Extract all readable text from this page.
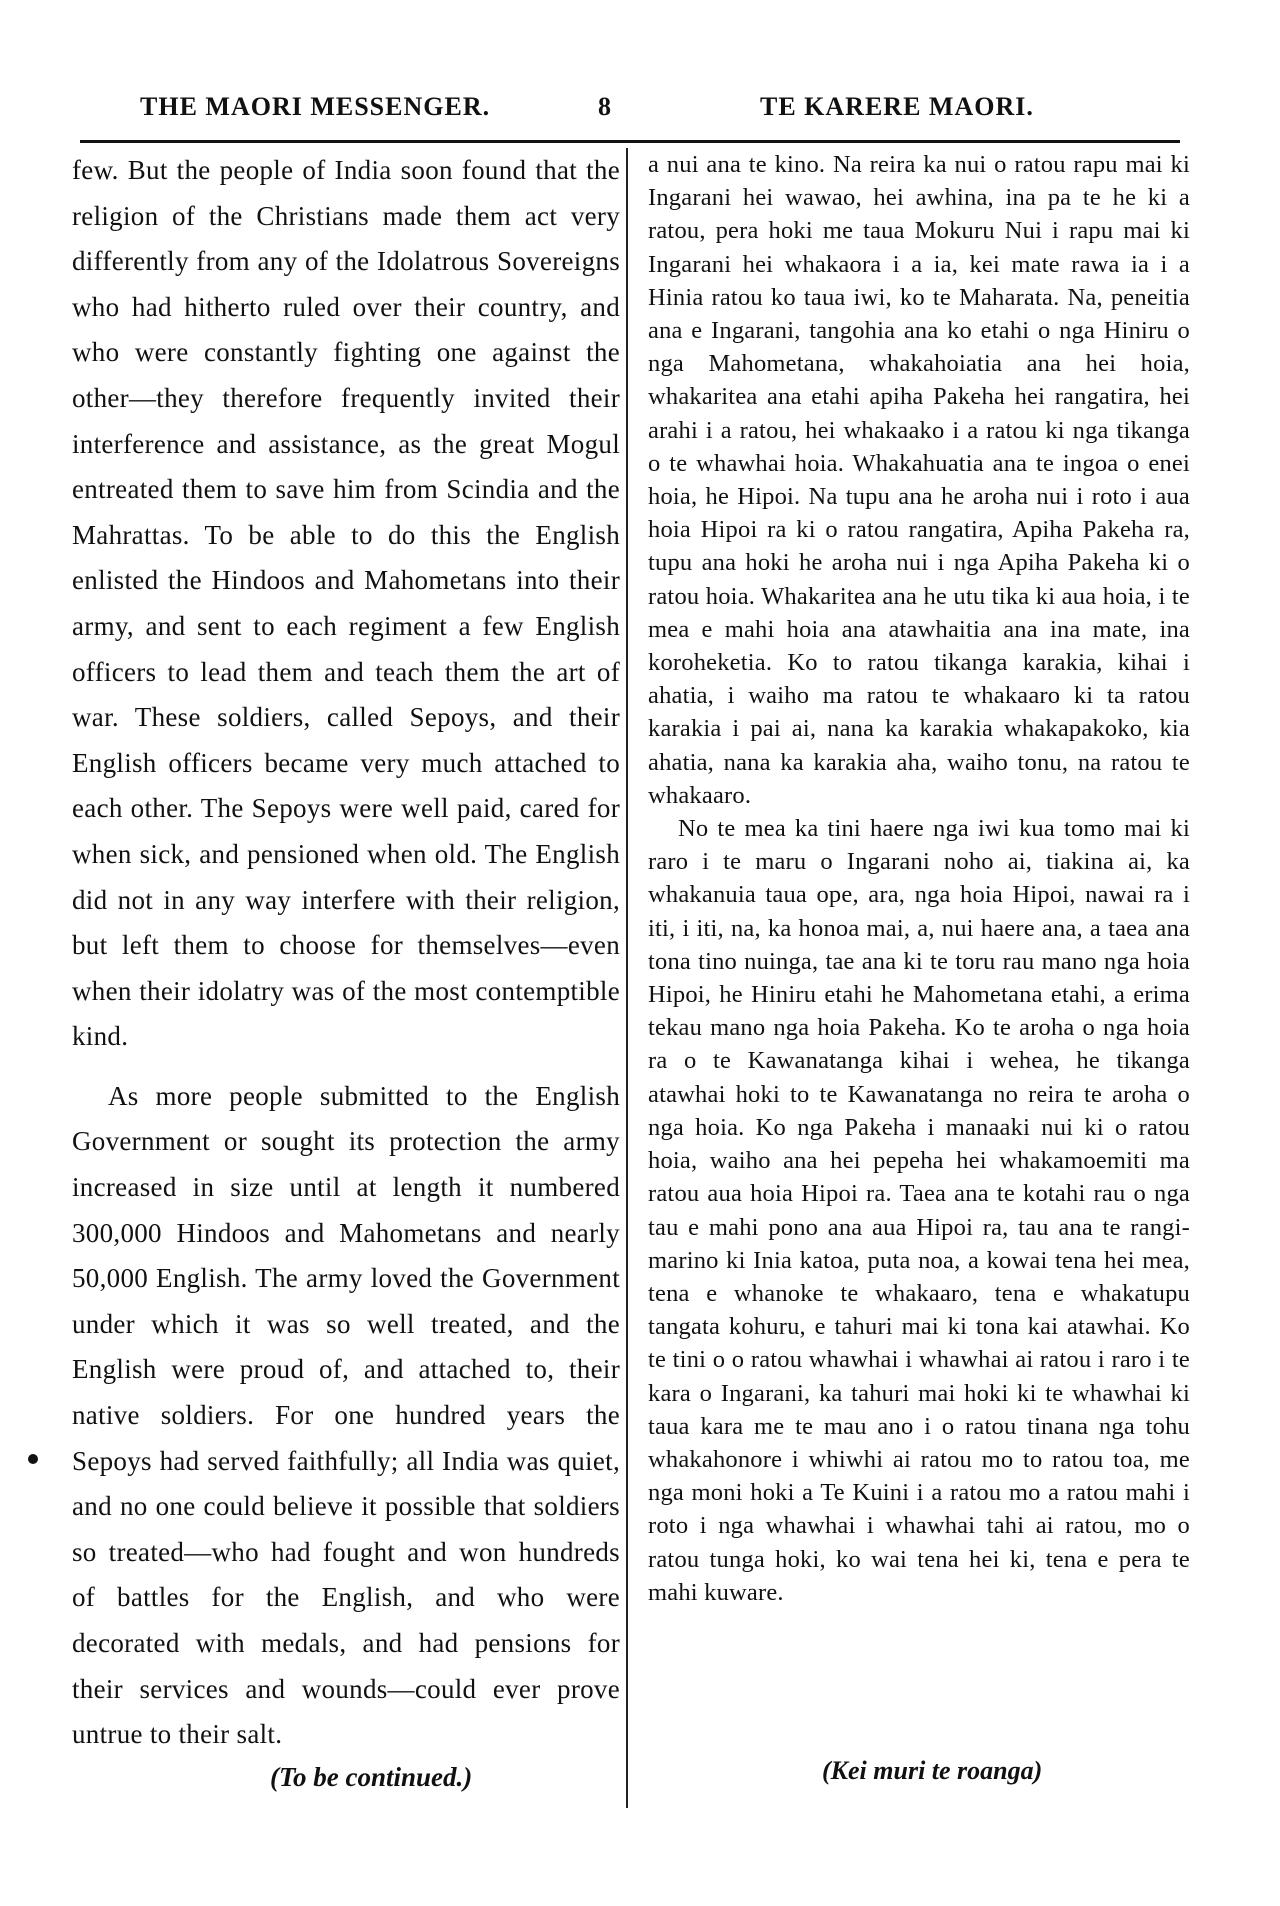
THE MAORI MESSENGER.	8	TE KARERE MAORI.

few. But the people of India soon found that the religion of the Christians made them act very differently from any of the Idolatrous Sovereigns who had hitherto ruled over their country, and who were constantly fighting one against the other—they therefore frequently invited their interference and assistance, as the great Mogul entreated them to save him from Scindia and the Mahrattas. To be able to do this the English enlisted the Hindoos and Mahometans into their army, and sent to each regiment a few English officers to lead them and teach them the art of war. These soldiers, called Sepoys, and their English officers became very much attached to each other. The Sepoys were well paid, cared for when sick, and pensioned when old. The English did not in any way interfere with their religion, but left them to choose for themselves—even when their idolatry was of the most contemptible kind.

As more people submitted to the English Government or sought its protection the army increased in size until at length it numbered 300,000 Hindoos and Mahometans and nearly 50,000 English. The army loved the Government under which it was so well treated, and the English were proud of, and attached to, their native soldiers. For one hundred years the Sepoys had served faithfully; all India was quiet, and no one could believe it possible that soldiers so treated—who had fought and won hundreds of battles for the English, and who were decorated with medals, and had pensions for their services and wounds—could ever prove untrue to their salt.

(To be continued.)

a nui ana te kino. Na reira ka nui o ratou rapu mai ki Ingarani hei wawao, hei awhina, ina pa te he ki a ratou, pera hoki me taua Mokuru Nui i rapu mai ki Ingarani hei whakaora i a ia, kei mate rawa ia i a Hinia ratou ko taua iwi, ko te Maharata. Na, peneitia ana e Ingarani, tangohia ana ko etahi o nga Hiniru o nga Mahometana, whakahoiatia ana hei hoia, whakaritea ana etahi apiha Pakeha hei rangatira, hei arahi i a ratou, hei whakaako i a ratou ki nga tikanga o te whawhai hoia. Whakahuatia ana te ingoa o enei hoia, he Hipoi. Na tupu ana he aroha nui i roto i aua hoia Hipoi ra ki o ratou rangatira, Apiha Pakeha ra, tupu ana hoki he aroha nui i nga Apiha Pakeha ki o ratou hoia. Whakaritea ana he utu tika ki aua hoia, i te mea e mahi hoia ana atawhaitia ana ina mate, ina koroheketia. Ko to ratou tikanga karakia, kihai i ahatia, i waiho ma ratou te whakaaro ki ta ratou karakia i pai ai, nana ka karakia whakapakoko, kia ahatia, nana ka karakia aha, waiho tonu, na ratou te whakaaro.

No te mea ka tini haere nga iwi kua tomo mai ki raro i te maru o Ingarani noho ai, tiakina ai, ka whakanuia taua ope, ara, nga hoia Hipoi, nawai ra i iti, i iti, na, ka honoa mai, a, nui haere ana, a taea ana tona tino nuinga, tae ana ki te toru rau mano nga hoia Hipoi, he Hiniru etahi he Mahometana etahi, a erima tekau mano nga hoia Pakeha. Ko te aroha o nga hoia ra o te Kawanatanga kihai i wehea, he tikanga atawhai hoki to te Kawanatanga no reira te aroha o nga hoia. Ko nga Pakeha i manaaki nui ki o ratou hoia, waiho ana hei pepeha hei whakamoemiti ma ratou aua hoia Hipoi ra. Taea ana te kotahi rau o nga tau e mahi pono ana aua Hipoi ra, tau ana te rangi-marino ki Inia katoa, puta noa, a kowai tena hei mea, tena e whanoke te whakaaro, tena e whakatupu tangata kohuru, e tahuri mai ki tona kai atawhai. Ko te tini o o ratou whawhai i whawhai ai ratou i raro i te kara o Ingarani, ka tahuri mai hoki ki te whawhai ki taua kara me te mau ano i o ratou tinana nga tohu whakahonore i whiwhi ai ratou mo to ratou toa, me nga moni hoki a Te Kuini i a ratou mo a ratou mahi i roto i nga whawhai i whawhai tahi ai ratou, mo o ratou tunga hoki, ko wai tena hei ki, tena e pera te mahi kuware.

(Kei muri te roanga)
